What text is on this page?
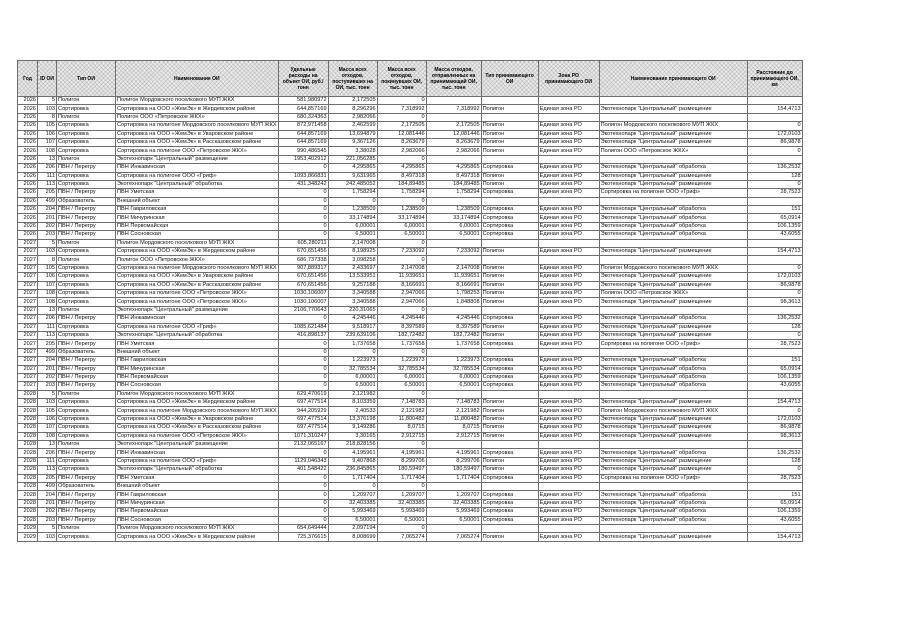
Год	ID ОИ	Тип ОИ	Наименование ОИ	Удельные расходы на объект ОИ, руб./тонн	Масса всех отходов, поступивших на ОИ, тыс. тонн	Масса всех отходов, покинувших ОИ, тыс. тонн	Масса отходов, отправленных на принимающий ОИ, тыс. тонн	Тип принимающего ОИ	Зона РО принимающего ОИ	Наименование принимающего ОИ	Расстояние до принимающего ОИ, км
2026	5	Полигон	Полигон Мордовского поселкового МУП ЖКХ	581,980972	2,172505	0					
2026	103	Сортировка	Сортировка на ООО «ЖемЭк» в Жердевском районе	644,857169	8,296296	7,318992	7,318992	Полигон	Единая зона РО	Экотехнопарк "Центральный" размещение	154,4713
2026	8	Полигон	Полигон ООО «Петровское ЖКХ»	680,324363	2,982066	0					
2026	105	Сортировка	Сортировка на полигоне Мордовского поселкового МУП ЖКХ	872,971458	2,462599	2,172505	2,172505	Полигон	Единая зона РО	Полигон Мордовского поселкового МУП ЖКХ	0
2026	106	Сортировка	Сортировка на ООО «ЖемЭк» в Уваровском районе	644,857169	13,694879	12,081446	12,081446	Полигон	Единая зона РО	Экотехнопарк "Центральный" размещение	172,0103
2026	107	Сортировка	Сортировка на ООО «ЖемЭк» в Рассказовском районе	644,857169	9,367126	8,263679	8,263679	Полигон	Единая зона РО	Экотехнопарк "Центральный" размещение	86,9878
2026	108	Сортировка	Сортировка на полигоне ООО «Петровское ЖКХ»	990,486545	3,38028	2,982066	2,982066	Полигон	Единая зона РО	Полигон ООО «Петровское ЖКХ»	0
2026	13	Полигон	Экотехнопарк "Центральный" размещение	1953,402912	221,056285	0					
2026	206	ПВН / Перегру	ПВН Инжавинская	0	4,295865	4,295865	4,295865	Сортировка	Единая зона РО	Экотехнопарк "Центральный" обработка	136,2532
2026	111	Сортировка	Сортировка на полигоне ООО «Гриф»	1093,866831	9,631965	8,497318	8,497318	Полигон	Единая зона РО	Экотехнопарк "Центральный" размещение	128
2026	113	Сортировка	Экотехнопарк "Центральный" обработка	431,348242	242,485052	184,89485	184,89485	Полигон	Единая зона РО	Экотехнопарк "Центральный" размещение	0
2026	205	ПВН / Перегру	ПВН Уметская	0	1,758294	1,758294	1,758294	Сортировка	Единая зона РО	Сортировка на полигоне ООО «Гриф»	28,7523
2026	499	Образователь	Внешний объект	0	0	0					
2026	204	ПВН / Перегру	ПВН Гавриловская	0	1,238509	1,238509	1,238509	Сортировка	Единая зона РО	Экотехнопарк "Центральный" обработка	151
2026	201	ПВН / Перегру	ПВН Мичуринская	0	33,174894	33,174894	33,174894	Сортировка	Единая зона РО	Экотехнопарк "Центральный" обработка	65,0914
2026	202	ПВН / Перегру	ПВН Первомайская	0	6,00001	6,00001	6,00001	Сортировка	Единая зона РО	Экотехнопарк "Центральный" обработка	106,1359
2026	203	ПВН / Перегру	ПВН Сосновская	0	6,50001	6,50001	6,50001	Сортировка	Единая зона РО	Экотехнопарк "Центральный" обработка	43,6055
2027	5	Полигон	Полигон Мордовского поселкового МУП ЖКХ	605,280211	2,147008	0					
2027	103	Сортировка	Сортировка на ООО «ЖемЭк» в Жердевском районе	670,651456	8,198925	7,233092	7,233092	Полигон	Единая зона РО	Экотехнопарк "Центральный" размещение	154,4713
2027	8	Полигон	Полигон ООО «Петровское ЖКХ»	686,737338	3,098258	0					
2027	105	Сортировка	Сортировка на полигоне Мордовского поселкового МУП ЖКХ	907,889317	2,433697	2,147008	2,147008	Полигон	Единая зона РО	Полигон Мордовского поселкового МУП ЖКХ	0
2027	106	Сортировка	Сортировка на ООО «ЖемЭк» в Уваровском районе	670,651456	13,533951	11,939651	11,939651	Полигон	Единая зона РО	Экотехнопарк "Центральный" размещение	172,0103
2027	107	Сортировка	Сортировка на ООО «ЖемЭк» в Рассказовском районе	670,651456	9,257188	8,166691	8,166691	Полигон	Единая зона РО	Экотехнопарк "Центральный" размещение	86,9878
2027	108	Сортировка	Сортировка на полигоне ООО «Петровское ЖКХ»	1030,106007	3,340588	2,947066	1,798253	Полигон	Единая зона РО	Полигон ООО «Петровское ЖКХ»	0
2027	108	Сортировка	Сортировка на полигоне ООО «Петровское ЖКХ»	1030,106007	3,340588	2,947066	1,848808	Полигон	Единая зона РО	Экотехнопарк "Центральный" размещение	98,3613
2027	13	Полигон	Экотехнопарк "Центральный" размещение	2106,770643	220,31065	0					
2027	206	ПВН / Перегру	ПВН Инжавинская	0	4,245446	4,245446	4,245446	Сортировка	Единая зона РО	Экотехнопарк "Центральный" обработка	136,2532
2027	111	Сортировка	Сортировка на полигоне ООО «Гриф»	1085,621484	9,518917	8,397589	8,397589	Полигон	Единая зона РО	Экотехнопарк "Центральный" размещение	128
2027	113	Сортировка	Экотехнопарк "Центральный" обработка	416,898137	239,639106	182,72482	182,72482	Полигон	Единая зона РО	Экотехнопарк "Центральный" размещение	0
2027	205	ПВН / Перегру	ПВН Уметская	0	1,737658	1,737658	1,737658	Сортировка	Единая зона РО	Сортировка на полигоне ООО «Гриф»	28,7523
2027	499	Образователь	Внешний объект	0	0	0					
2027	204	ПВН / Перегру	ПВН Гавриловская	0	1,223973	1,223973	1,223973	Сортировка	Единая зона РО	Экотехнопарк "Центральный" обработка	151
2027	201	ПВН / Перегру	ПВН Мичуринская	0	32,785534	32,785534	32,785534	Сортировка	Единая зона РО	Экотехнопарк "Центральный" обработка	65,0914
2027	202	ПВН / Перегру	ПВН Первомайская	0	6,00001	6,00001	6,00001	Сортировка	Единая зона РО	Экотехнопарк "Центральный" обработка	106,1359
2027	203	ПВН / Перегру	ПВН Сосновская	0	6,50001	6,50001	6,50001	Сортировка	Единая зона РО	Экотехнопарк "Центральный" обработка	43,6055
2028	5	Полигон	Полигон Мордовского поселкового МУП ЖКХ	629,470619	2,121982	0					
2028	103	Сортировка	Сортировка на ООО «ЖемЭк» в Жердевском районе	697,477514	8,103359	7,148783	7,148783	Полигон	Единая зона РО	Экотехнопарк "Центральный" размещение	154,4713
2028	105	Сортировка	Сортировка на полигоне Мордовского поселкового МУП ЖКХ	944,205929	2,40533	2,121982	2,121982	Полигон	Единая зона РО	Полигон Мордовского поселкового МУП ЖКХ	0
2028	106	Сортировка	Сортировка на ООО «ЖемЭк» в Уваровском районе	697,477514	13,376198	11,800482	11,800482	Полигон	Единая зона РО	Экотехнопарк "Центральный" размещение	172,0103
2028	107	Сортировка	Сортировка на ООО «ЖемЭк» в Рассказовском районе	697,477514	9,149286	8,0715	8,0715	Полигон	Единая зона РО	Экотехнопарк "Центральный" размещение	86,9878
2028	108	Сортировка	Сортировка на полигоне ООО «Петровское ЖКХ»	1071,310247	3,30165	2,912715	2,912715	Полигон	Единая зона РО	Экотехнопарк "Центральный" размещение	98,3613
2028	13	Полигон	Экотехнопарк "Центральный" размещение	2132,065167	218,828156	0					
2028	206	ПВН / Перегру	ПВН Инжавинская	0	4,195961	4,195961	4,195961	Сортировка	Единая зона РО	Экотехнопарк "Центральный" обработка	136,2532
2028	111	Сортировка	Сортировка на полигоне ООО «Гриф»	1129,046343	9,407868	8,299706	8,299706	Полигон	Единая зона РО	Экотехнопарк "Центральный" размещение	128
2028	113	Сортировка	Экотехнопарк "Центральный" обработка	401,548422	236,845865	180,59497	180,59497	Полигон	Единая зона РО	Экотехнопарк "Центральный" размещение	0
2028	205	ПВН / Перегру	ПВН Уметская	0	1,717404	1,717404	1,717404	Сортировка	Единая зона РО	Сортировка на полигоне ООО «Гриф»	28,7523
2028	499	Образователь	Внешний объект	0	0	0					
2028	204	ПВН / Перегру	ПВН Гавриловская	0	1,209707	1,209707	1,209707	Сортировка	Единая зона РО	Экотехнопарк "Центральный" обработка	151
2028	201	ПВН / Перегру	ПВН Мичуринская	0	32,403385	32,403385	32,403385	Сортировка	Единая зона РО	Экотехнопарк "Центральный" обработка	65,0914
2028	202	ПВН / Перегру	ПВН Первомайская	0	5,993469	5,993469	5,993469	Сортировка	Единая зона РО	Экотехнопарк "Центральный" обработка	106,1359
2028	203	ПВН / Перегру	ПВН Сосновская	0	6,50001	6,50001	6,50001	Сортировка	Единая зона РО	Экотехнопарк "Центральный" обработка	43,6055
2029	5	Полигон	Полигон Мордовского поселкового МУП ЖКХ	654,649444	2,097194	0					
2029	103	Сортировка	Сортировка на ООО «ЖемЭк» в Жердевском районе	725,376615	8,008699	7,065274	7,065274	Полигон	Единая зона РО	Экотехнопарк "Центральный" размещение	154,4713
